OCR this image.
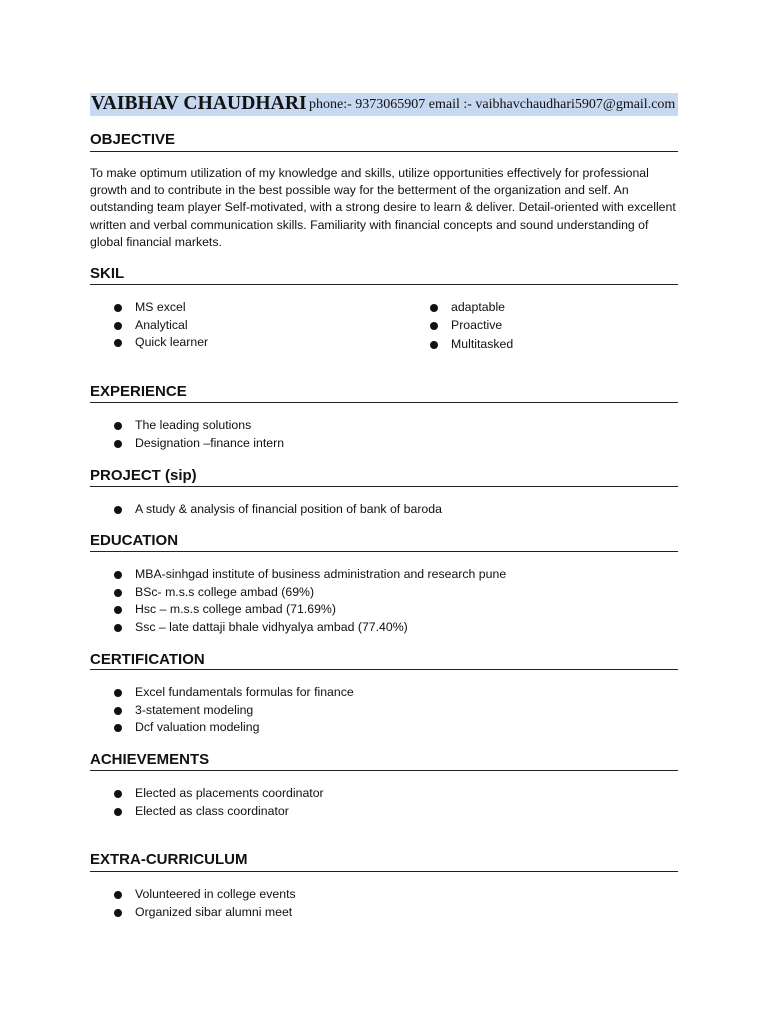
VAIBHAV CHAUDHARI phone:- 9373065907 email :- vaibhavchaudhari5907@gmail.com
OBJECTIVE

To make optimum utilization of my knowledge and skills, utilize opportunities effectively for professional growth and to contribute in the best possible way for the betterment of the organization and self. An outstanding team player Self-motivated, with a strong desire to learn & deliver. Detail-oriented with excellent written and verbal communication skills. Familiarity with financial concepts and sound understanding of global financial markets.

SKIL
MS excel
Analytical
Quick learner
adaptable
Proactive
Multitasked
EXPERIENCE
The leading solutions
Designation –finance intern
PROJECT (sip)
A study & analysis of financial position of bank of baroda
EDUCATION
MBA-sinhgad institute of business administration and research pune
BSc- m.s.s college ambad (69%)
Hsc – m.s.s college ambad (71.69%)
Ssc – late dattaji bhale vidhyalya ambad (77.40%)
CERTIFICATION
Excel fundamentals formulas for finance
3-statement modeling
Dcf valuation modeling
ACHIEVEMENTS
Elected as placements coordinator
Elected as class coordinator
EXTRA-CURRICULUM
Volunteered in college events
Organized sibar alumni meet
